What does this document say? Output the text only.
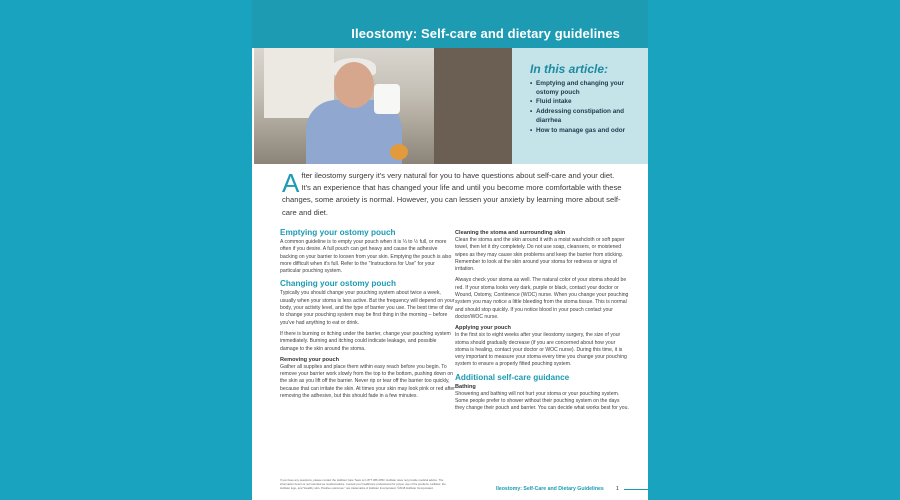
Ileostomy: Self-care and dietary guidelines
In this article:
• Emptying and changing your ostomy pouch
• Fluid intake
• Addressing constipation and diarrhea
• How to manage gas and odor
A fter ileostomy surgery it's very natural for you to have questions about self-care and your diet. It's an experience that has changed your life and until you become more comfortable with these changes, some anxiety is normal. However, you can lessen your anxiety by learning more about self-care and diet.
Emptying your ostomy pouch

A common guideline is to empty your pouch when it is ⅓ to ½ full, or more often if you desire. A full pouch can get heavy and cause the adhesive backing on your barrier to loosen from your skin. Emptying the pouch is also more difficult when it's full. Refer to the "Instructions for Use" for your particular pouching system.

Changing your ostomy pouch

Typically you should change your pouching system about twice a week, usually when your stoma is less active. But the frequency will depend on your body, your activity level, and the type of barrier you use. The best time of day to change your pouching system may be first thing in the morning – before you've had anything to eat or drink.

If there is burning or itching under the barrier, change your pouching system immediately. Burning and itching could indicate leakage, and possible damage to the skin around the stoma.

Removing your pouch

Gather all supplies and place them within easy reach before you begin. To remove your barrier work slowly from the top to the bottom, pushing down on the skin as you lift off the barrier. Never rip or tear off the barrier too quickly, because that can irritate the skin. At times your skin may look pink or red after removing the adhesive, but this should fade in a few minutes.

Cleaning the stoma and surrounding skin

Clean the stoma and the skin around it with a moist washcloth or soft paper towel, then let it dry completely. Do not use soap, cleansers, or moistened wipes as they may cause skin problems and keep the barrier from sticking. Remember to look at the skin around your stoma for redness or signs of irritation.

Always check your stoma as well. The natural color of your stoma should be red. If your stoma looks very dark, purple or black, contact your doctor or Wound, Ostomy, Continence (WOC) nurse. When you change your pouching system you may notice a little bleeding from the stoma tissue. This is normal and should stop quickly. If you notice blood in your pouch contact your doctor/WOC nurse.

Applying your pouch

In the first six to eight weeks after your ileostomy surgery, the size of your stoma should gradually decrease (if you are concerned about how your stoma is healing, contact your doctor or WOC nurse). During this time, it is very important to measure your stoma every time you change your pouching system to ensure a properly fitted pouching system.

Additional self-care guidance
Bathing

Showering and bathing will not hurt your stoma or your pouching system. Some people prefer to shower without their pouching system on the days they change their pouch and barrier. You can decide what works best for you.

If you have any questions, please contact the Hollister Care Team at 1.877.386.2053. Hollister does not provide medical advice. The information herein is not intended as medical advice. Consult your healthcare professional for proper use of the products. Hollister, the Hollister logo, and "Healthy skin. Positive outcomes." are trademarks of Hollister Incorporated. ©2018 Hollister Incorporated.	Ileostomy: Self-Care and Dietary Guidelines 1
